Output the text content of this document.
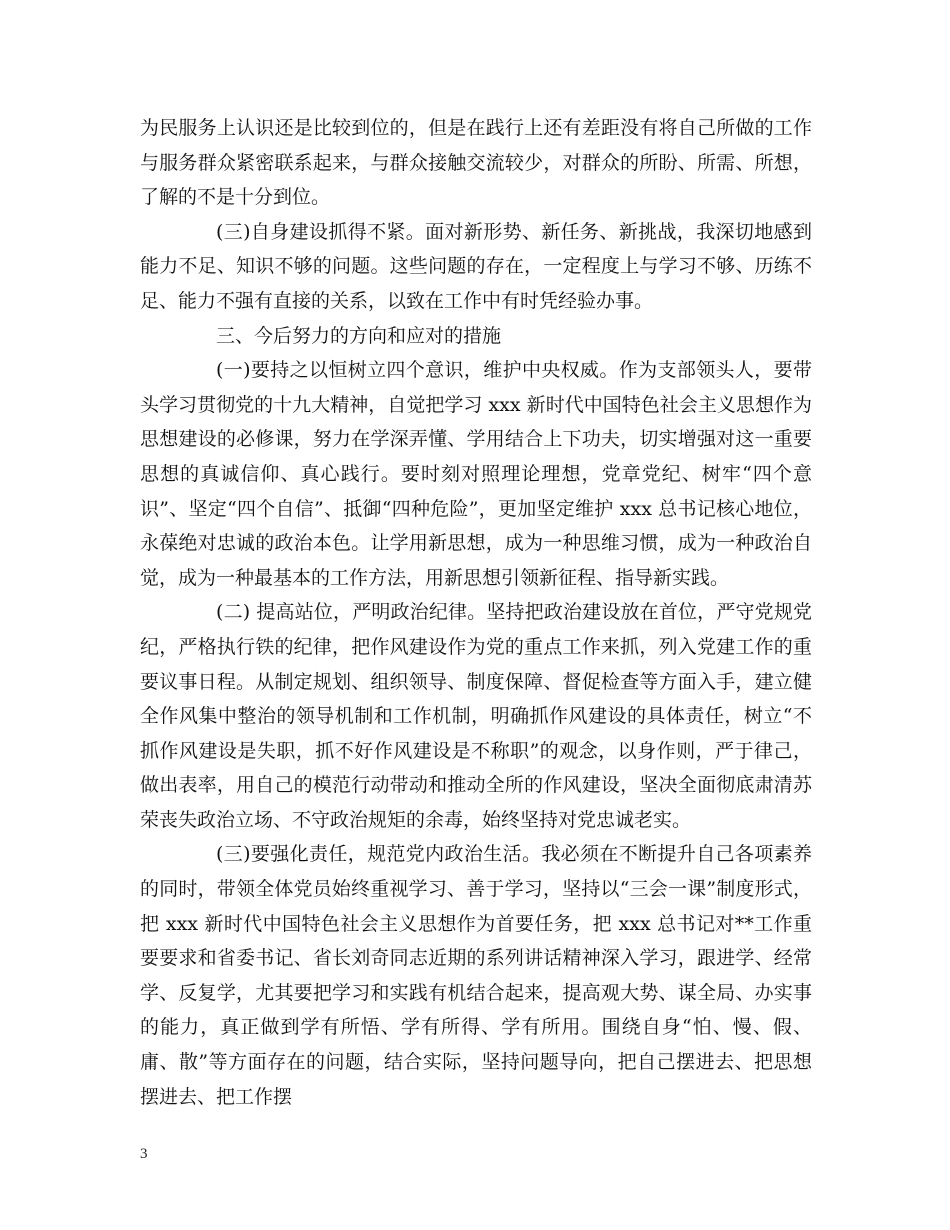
为民服务上认识还是比较到位的，但是在践行上还有差距没有将自己所做的工作与服务群众紧密联系起来，与群众接触交流较少，对群众的所盼、所需、所想，了解的不是十分到位。

(三)自身建设抓得不紧。面对新形势、新任务、新挑战，我深切地感到能力不足、知识不够的问题。这些问题的存在，一定程度上与学习不够、历练不足、能力不强有直接的关系，以致在工作中有时凭经验办事。

三、今后努力的方向和应对的措施

(一)要持之以恒树立四个意识，维护中央权威。作为支部领头人，要带头学习贯彻党的十九大精神，自觉把学习 xxx 新时代中国特色社会主义思想作为思想建设的必修课，努力在学深弄懂、学用结合上下功夫，切实增强对这一重要思想的真诚信仰、真心践行。要时刻对照理论理想，党章党纪、树牢“四个意识”、坚定“四个自信”、抵御“四种危险”，更加坚定维护 xxx 总书记核心地位，永葆绝对忠诚的政治本色。让学用新思想，成为一种思维习惯，成为一种政治自觉，成为一种最基本的工作方法，用新思想引领新征程、指导新实践。

(二) 提高站位，严明政治纪律。坚持把政治建设放在首位，严守党规党纪，严格执行铁的纪律，把作风建设作为党的重点工作来抓，列入党建工作的重要议事日程。从制定规划、组织领导、制度保障、督促检查等方面入手，建立健全作风集中整治的领导机制和工作机制，明确抓作风建设的具体责任，树立“不抓作风建设是失职，抓不好作风建设是不称职”的观念，以身作则，严于律己，做出表率，用自己的模范行动带动和推动全所的作风建设，坚决全面彻底肃清苏荣丧失政治立场、不守政治规矩的余毒，始终坚持对党忠诚老实。

(三)要强化责任，规范党内政治生活。我必须在不断提升自己各项素养的同时，带领全体党员始终重视学习、善于学习，坚持以“三会一课”制度形式，把 xxx 新时代中国特色社会主义思想作为首要任务，把 xxx 总书记对**工作重要要求和省委书记、省长刘奇同志近期的系列讲话精神深入学习，跟进学、经常学、反复学，尤其要把学习和实践有机结合起来，提高观大势、谋全局、办实事的能力，真正做到学有所悟、学有所得、学有所用。围绕自身“怕、慢、假、庸、散”等方面存在的问题，结合实际，坚持问题导向，把自己摆进去、把思想摆进去、把工作摆

3
